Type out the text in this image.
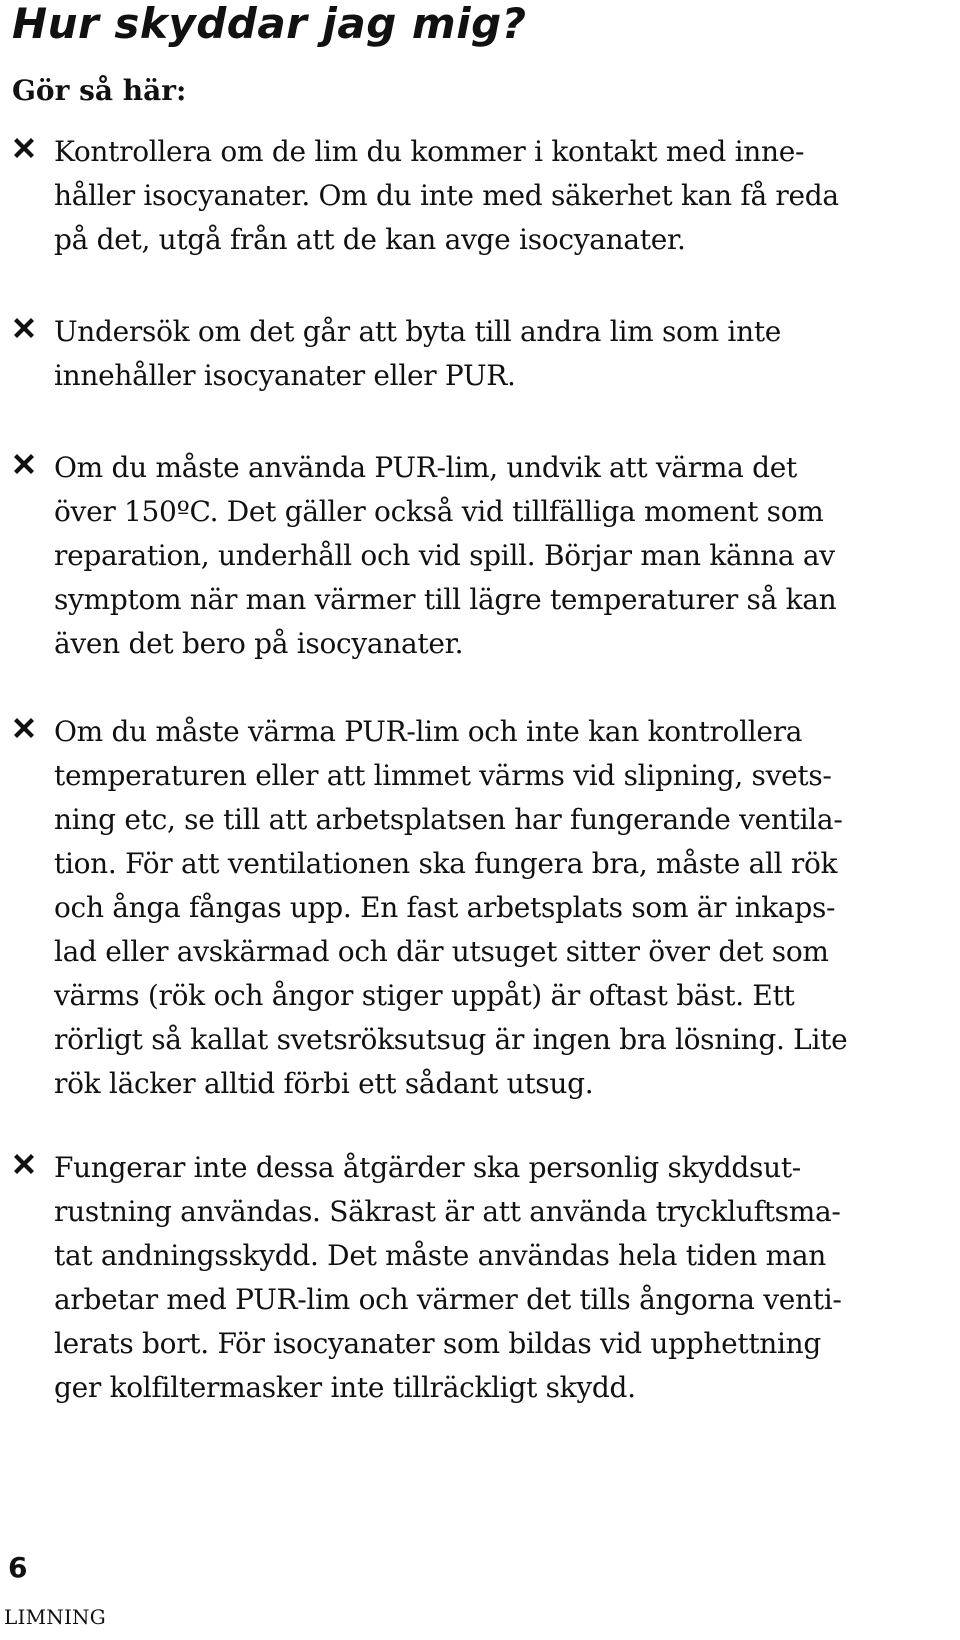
Hur skyddar jag mig?
Gör så här:

Kontrollera om de lim du kommer i kontakt med inne-
håller isocyanater. Om du inte med säkerhet kan få reda
på det, utgå från att de kan avge isocyanater.

Undersök om det går att byta till andra lim som inte
innehåller isocyanater eller PUR.

Om du måste använda PUR-lim, undvik att värma det
över 150ºC. Det gäller också vid tillfälliga moment som
reparation, underhåll och vid spill. Börjar man känna av
symptom när man värmer till lägre temperaturer så kan
även det bero på isocyanater.

Om du måste värma PUR-lim och inte kan kontrollera
temperaturen eller att limmet värms vid slipning, svets-
ning etc, se till att arbetsplatsen har fungerande ventila-
tion. För att ventilationen ska fungera bra, måste all rök
och ånga fångas upp. En fast arbetsplats som är inkaps-
lad eller avskärmad och där utsuget sitter över det som
värms (rök och ångor stiger uppåt) är oftast bäst. Ett
rörligt så kallat svetsröksutsug är ingen bra lösning. Lite
rök läcker alltid förbi ett sådant utsug.

Fungerar inte dessa åtgärder ska personlig skyddsut-
rustning användas. Säkrast är att använda tryckluftsma-
tat andningsskydd. Det måste användas hela tiden man
arbetar med PUR-lim och värmer det tills ångorna venti-
lerats bort. För isocyanater som bildas vid upphettning
ger kolfiltermasker inte tillräckligt skydd.

6
LIMNING
